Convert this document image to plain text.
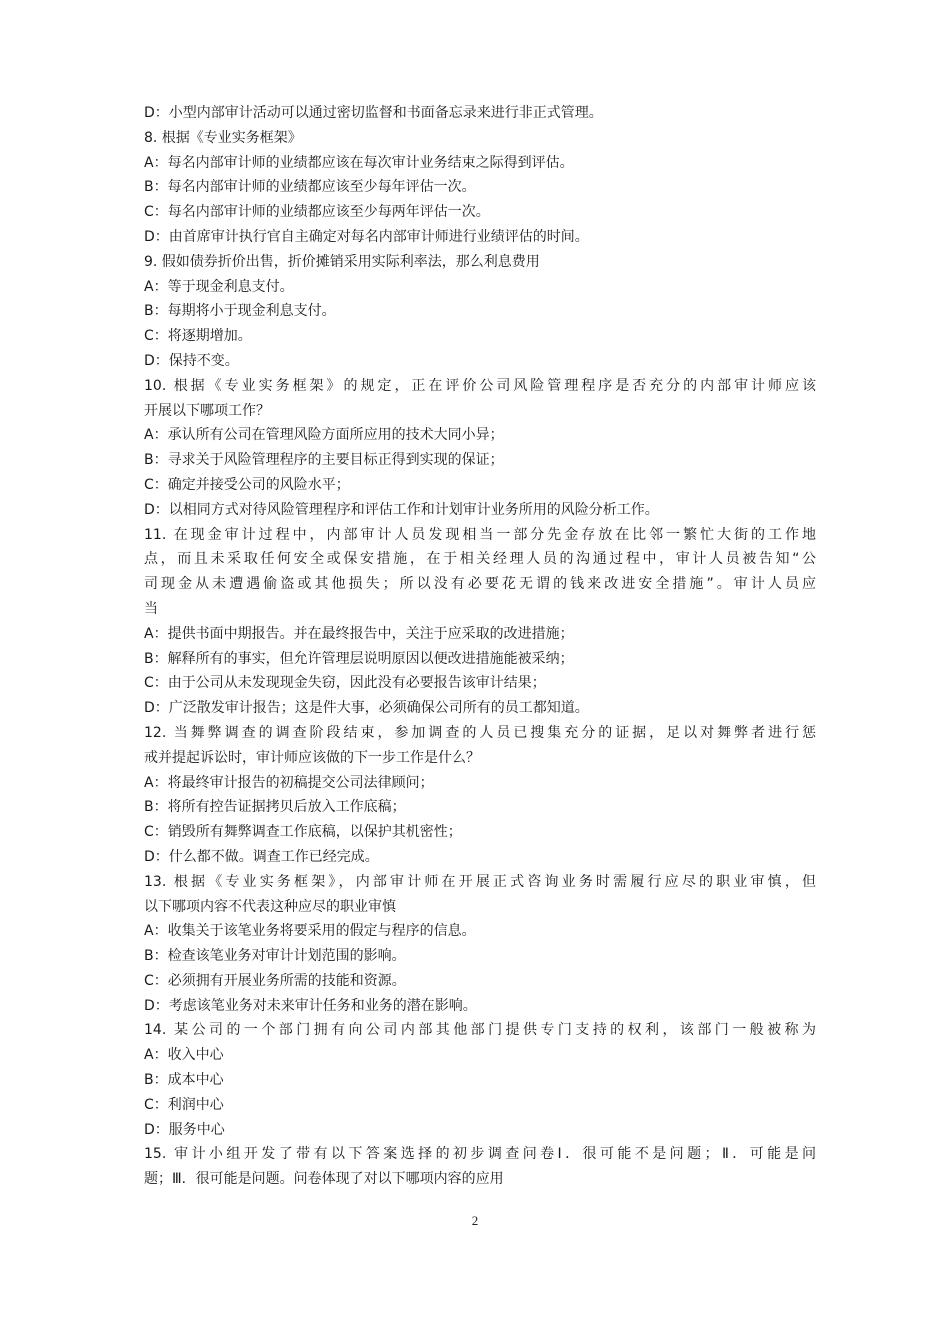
D：小型内部审计活动可以通过密切监督和书面备忘录来进行非正式管理。
8. 根据《专业实务框架》
A：每名内部审计师的业绩都应该在每次审计业务结束之际得到评估。
B：每名内部审计师的业绩都应该至少每年评估一次。
C：每名内部审计师的业绩都应该至少每两年评估一次。
D：由首席审计执行官自主确定对每名内部审计师进行业绩评估的时间。
9. 假如债券折价出售，折价摊销采用实际利率法，那么利息费用
A：等于现金利息支付。
B：每期将小于现金利息支付。
C：将逐期增加。
D：保持不变。
10. 根据《专业实务框架》的规定，正在评价公司风险管理程序是否充分的内部审计师应该
开展以下哪项工作？
A：承认所有公司在管理风险方面所应用的技术大同小异；
B：寻求关于风险管理程序的主要目标正得到实现的保证；
C：确定并接受公司的风险水平；
D：以相同方式对待风险管理程序和评估工作和计划审计业务所用的风险分析工作。
11. 在现金审计过程中，内部审计人员发现相当一部分先金存放在比邻一繁忙大街的工作地
点，而且未采取任何安全或保安措施，在于相关经理人员的沟通过程中，审计人员被告知“公
司现金从未遭遇偷盗或其他损失；所以没有必要花无谓的钱来改进安全措施”。审计人员应
当
A：提供书面中期报告。并在最终报告中，关注于应采取的改进措施；
B：解释所有的事实，但允许管理层说明原因以便改进措施能被采纳；
C：由于公司从未发现现金失窃，因此没有必要报告该审计结果；
D：广泛散发审计报告；这是件大事，必须确保公司所有的员工都知道。
12. 当舞弊调查的调查阶段结束，参加调查的人员已搜集充分的证据，足以对舞弊者进行惩
戒并提起诉讼时，审计师应该做的下一步工作是什么？
A：将最终审计报告的初稿提交公司法律顾问；
B：将所有控告证据拷贝后放入工作底稿；
C：销毁所有舞弊调查工作底稿，以保护其机密性；
D：什么都不做。调查工作已经完成。
13. 根据《专业实务框架》，内部审计师在开展正式咨询业务时需履行应尽的职业审慎，但
以下哪项内容不代表这种应尽的职业审慎
A：收集关于该笔业务将要采用的假定与程序的信息。
B：检查该笔业务对审计计划范围的影响。
C：必须拥有开展业务所需的技能和资源。
D：考虑该笔业务对未来审计任务和业务的潜在影响。
14. 某公司的一个部门拥有向公司内部其他部门提供专门支持的权利，该部门一般被称为
A：收入中心
B：成本中心
C：利润中心
D：服务中心
15. 审计小组开发了带有以下答案选择的初步调查问卷Ⅰ．很可能不是问题；Ⅱ．可能是问
题；Ⅲ．很可能是问题。问卷体现了对以下哪项内容的应用
2
